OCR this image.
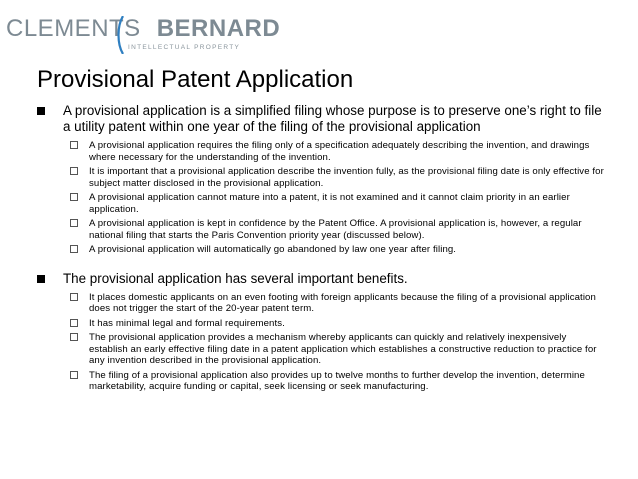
CLEMENTS BERNARD
INTELLECTUAL PROPERTY
Provisional Patent Application
A provisional application is a simplified filing whose purpose is to preserve one’s right to file a utility patent within one year of the filing of the provisional application
A provisional application requires the filing only of a specification adequately describing the invention, and drawings where necessary for the understanding of the invention.
It is important that a provisional application describe the invention fully, as the provisional filing date is only effective for subject matter disclosed in the provisional application.
A provisional application cannot mature into a patent, it is not examined and it cannot claim priority in an earlier application.
A provisional application is kept in confidence by the Patent Office. A provisional application is, however, a regular national filing that starts the Paris Convention priority year (discussed below).
A provisional application will automatically go abandoned by law one year after filing.
The provisional application has several important benefits.
It places domestic applicants on an even footing with foreign applicants because the filing of a provisional application does not trigger the start of the 20-year patent term.
It has minimal legal and formal requirements.
The provisional application provides a mechanism whereby applicants can quickly and relatively inexpensively establish an early effective filing date in a patent application which establishes a constructive reduction to practice for any invention described in the provisional application.
The filing of a provisional application also provides up to twelve months to further develop the invention, determine marketability, acquire funding or capital, seek licensing or seek manufacturing.
